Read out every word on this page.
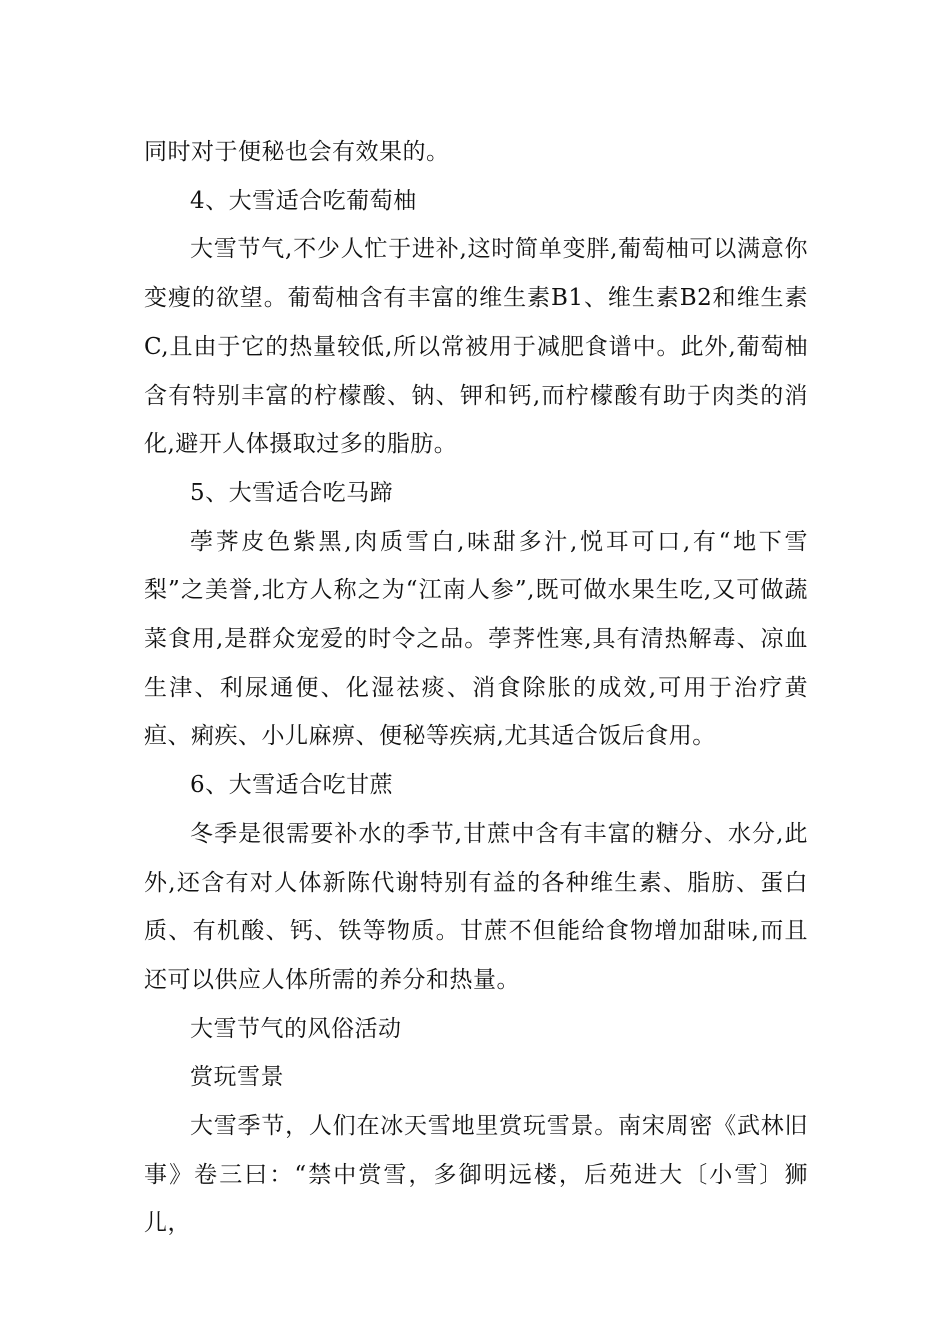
同时对于便秘也会有效果的。

4、大雪适合吃葡萄柚

大雪节气,不少人忙于进补,这时简单变胖,葡萄柚可以满意你变瘦的欲望。葡萄柚含有丰富的维生素B1、维生素B2和维生素C,且由于它的热量较低,所以常被用于减肥食谱中。此外,葡萄柚含有特别丰富的柠檬酸、钠、钾和钙,而柠檬酸有助于肉类的消化,避开人体摄取过多的脂肪。

5、大雪适合吃马蹄

荸荠皮色紫黑,肉质雪白,味甜多汁,悦耳可口,有“地下雪梨”之美誉,北方人称之为“江南人参”,既可做水果生吃,又可做蔬菜食用,是群众宠爱的时令之品。荸荠性寒,具有清热解毒、凉血生津、利尿通便、化湿祛痰、消食除胀的成效,可用于治疗黄疸、痢疾、小儿麻痹、便秘等疾病,尤其适合饭后食用。

6、大雪适合吃甘蔗

冬季是很需要补水的季节,甘蔗中含有丰富的糖分、水分,此外,还含有对人体新陈代谢特别有益的各种维生素、脂肪、蛋白质、有机酸、钙、铁等物质。甘蔗不但能给食物增加甜味,而且还可以供应人体所需的养分和热量。

大雪节气的风俗活动

赏玩雪景

大雪季节，人们在冰天雪地里赏玩雪景。南宋周密《武林旧事》卷三曰：“禁中赏雪，多御明远楼，后苑进大〔小雪〕狮儿，
